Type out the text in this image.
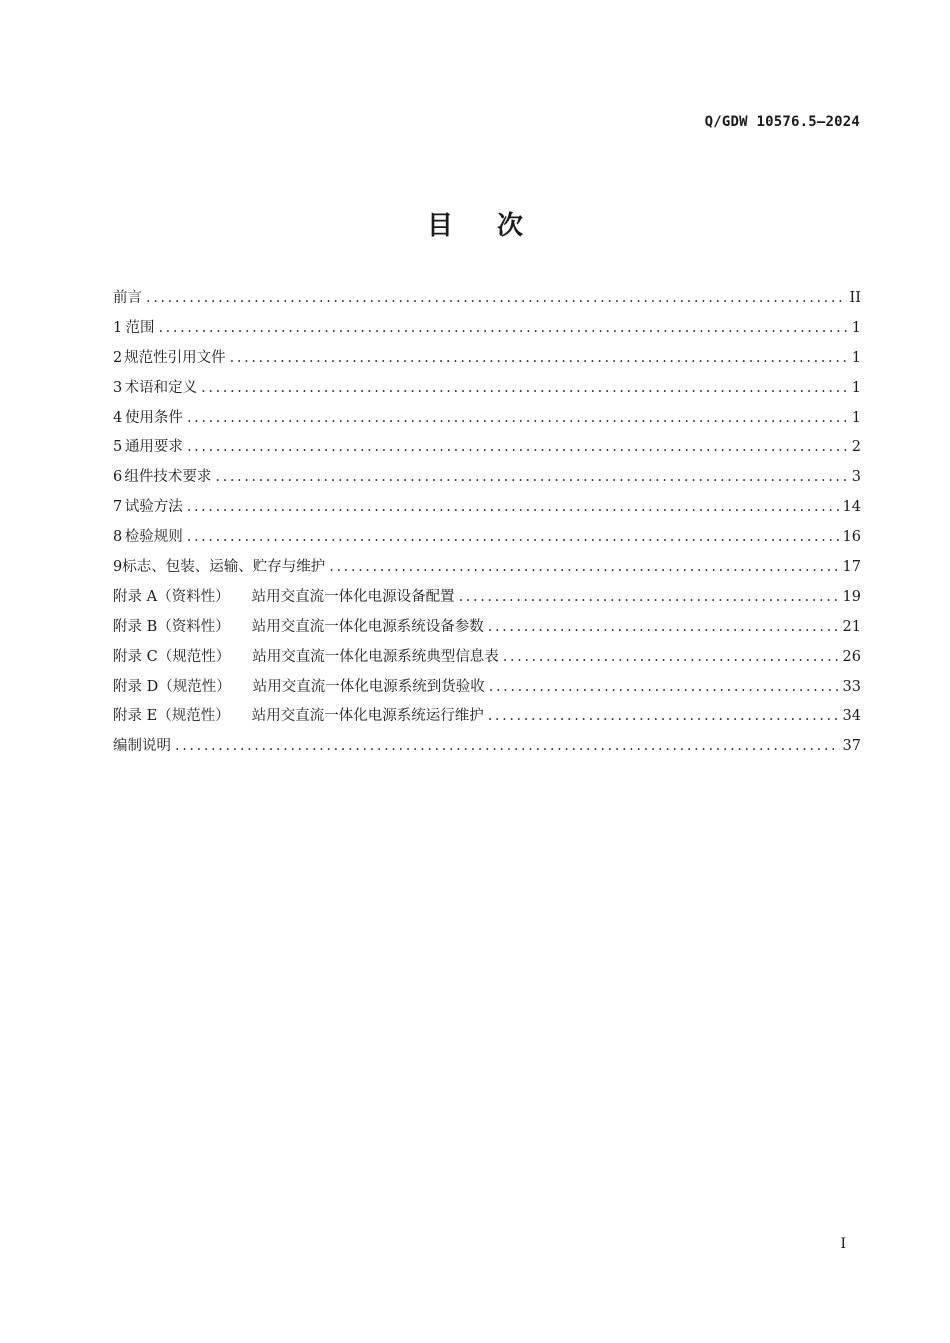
Q/GDW 10576.5—2024
目 次
前言 .....	II
1 范围 .....	1
2 规范性引用文件 .....	1
3 术语和定义 .....	1
4 使用条件 .....	1
5 通用要求 .....	2
6 组件技术要求 .....	3
7 试验方法 .....	14
8 检验规则 .....	16
9 标志、包装、运输、贮存与维护 .....	17
附录 A（资料性） 站用交直流一体化电源设备配置 .....	19
附录 B（资料性） 站用交直流一体化电源系统设备参数 .....	21
附录 C（规范性） 站用交直流一体化电源系统典型信息表 .....	26
附录 D（规范性） 站用交直流一体化电源系统到货验收 .....	33
附录 E（规范性） 站用交直流一体化电源系统运行维护 .....	34
编制说明 .....	37
I
